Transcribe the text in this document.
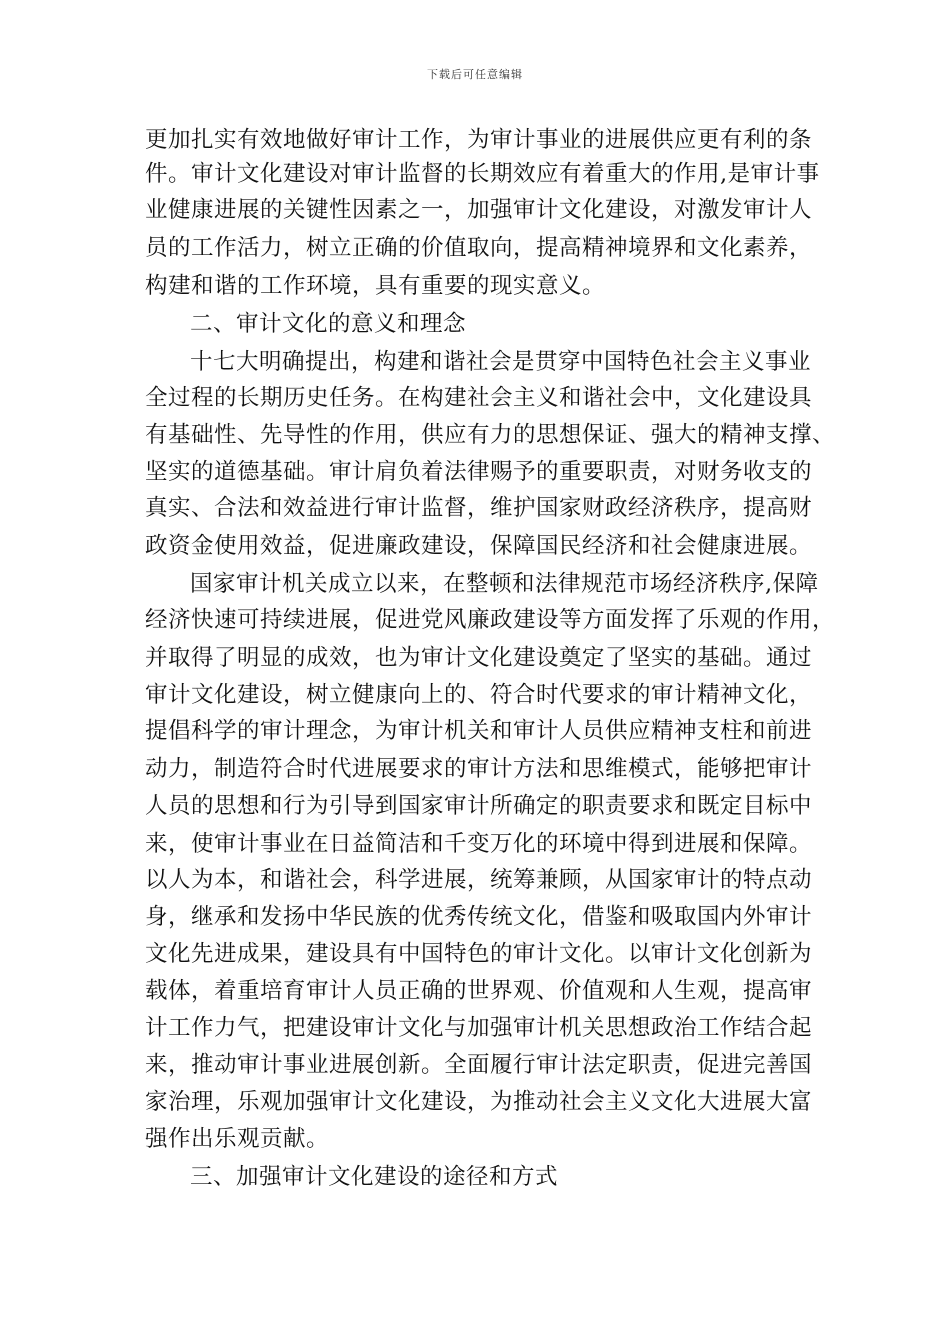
下载后可任意编辑
更加扎实有效地做好审计工作，为审计事业的进展供应更有利的条
件。审计文化建设对审计监督的长期效应有着重大的作用,是审计事
业健康进展的关键性因素之一，加强审计文化建设，对激发审计人
员的工作活力，树立正确的价值取向，提高精神境界和文化素养，
构建和谐的工作环境，具有重要的现实意义。
二、审计文化的意义和理念
十七大明确提出，构建和谐社会是贯穿中国特色社会主义事业
全过程的长期历史任务。在构建社会主义和谐社会中，文化建设具
有基础性、先导性的作用，供应有力的思想保证、强大的精神支撑、
坚实的道德基础。审计肩负着法律赐予的重要职责，对财务收支的
真实、合法和效益进行审计监督，维护国家财政经济秩序，提高财
政资金使用效益，促进廉政建设，保障国民经济和社会健康进展。
国家审计机关成立以来，在整顿和法律规范市场经济秩序,保障
经济快速可持续进展，促进党风廉政建设等方面发挥了乐观的作用，
并取得了明显的成效，也为审计文化建设奠定了坚实的基础。通过
审计文化建设，树立健康向上的、符合时代要求的审计精神文化，
提倡科学的审计理念，为审计机关和审计人员供应精神支柱和前进
动力，制造符合时代进展要求的审计方法和思维模式，能够把审计
人员的思想和行为引导到国家审计所确定的职责要求和既定目标中
来，使审计事业在日益简洁和千变万化的环境中得到进展和保障。
以人为本，和谐社会，科学进展，统筹兼顾，从国家审计的特点动
身，继承和发扬中华民族的优秀传统文化，借鉴和吸取国内外审计
文化先进成果，建设具有中国特色的审计文化。以审计文化创新为
载体，着重培育审计人员正确的世界观、价值观和人生观，提高审
计工作力气，把建设审计文化与加强审计机关思想政治工作结合起
来，推动审计事业进展创新。全面履行审计法定职责，促进完善国
家治理，乐观加强审计文化建设，为推动社会主义文化大进展大富
强作出乐观贡献。
三、加强审计文化建设的途径和方式
